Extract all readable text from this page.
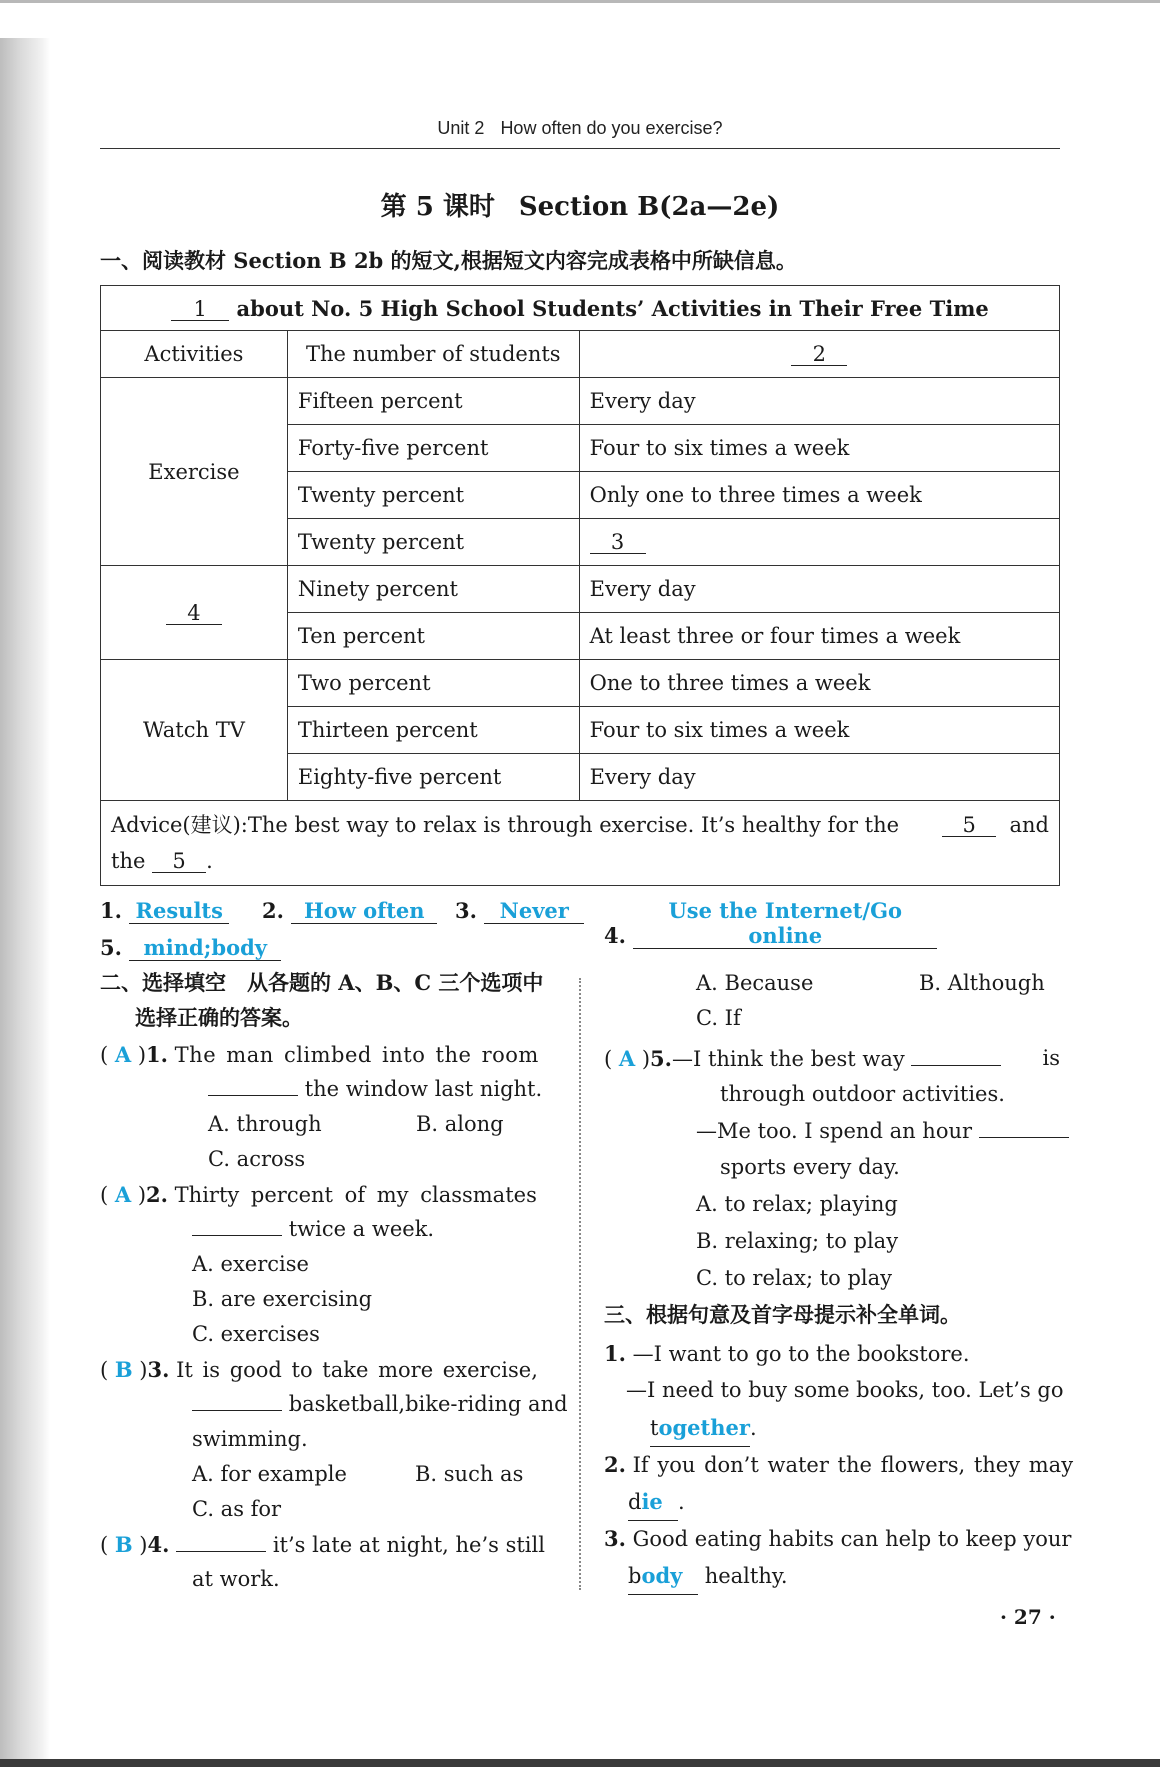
Unit 2 How often do you exercise?
第 5 课时 Section B(2a—2e)
一、阅读教材 Section B 2b 的短文,根据短文内容完成表格中所缺信息。
1 about No. 5 High School Students’ Activities in Their Free Time		
Activities	The number of students	2
Exercise	Fifteen percent	Every day
	Forty-five percent	Four to six times a week
	Twenty percent	Only one to three times a week
	Twenty percent	3
4	Ninety percent	Every day
	Ten percent	At least three or four times a week
Watch TV	Two percent	One to three times a week
	Thirteen percent	Four to six times a week
	Eighty-five percent	Every day

Advice(建议):The best way to relax is through exercise. It’s healthy for the 5 and
the 5 .		
1. Results 2. How often	3. Never
4. Use the Internet/Go online
5. mind;body
二、选择填空　从各题的 A、B、C 三个选项中
选择正确的答案。
( A )1. The man climbed into the room
the window last night.
A. through	B. along
C. across
( A )2. Thirty percent of my classmates
twice a week.
A. exercise
B. are exercising
C. exercises
( B )3. It is good to take more exercise,
basketball,bike-riding and
swimming.
A. for example	B. such as
C. as for
( B )4.	it’s late at night, he’s still
at work.
A. Because	B. Although
C. If
( A )5.—I think the best way	is
through outdoor activities.
—Me too. I spend an hour
sports every day.
A. to relax; playing
B. relaxing; to play
C. to relax; to play
三、根据句意及首字母提示补全单词。
1. —I want to go to the bookstore.
—I need to buy some books, too. Let’s go
together.
2. If you don’t water the flowers, they may
die .
3. Good eating habits can help to keep your
body healthy.
· 27 ·
